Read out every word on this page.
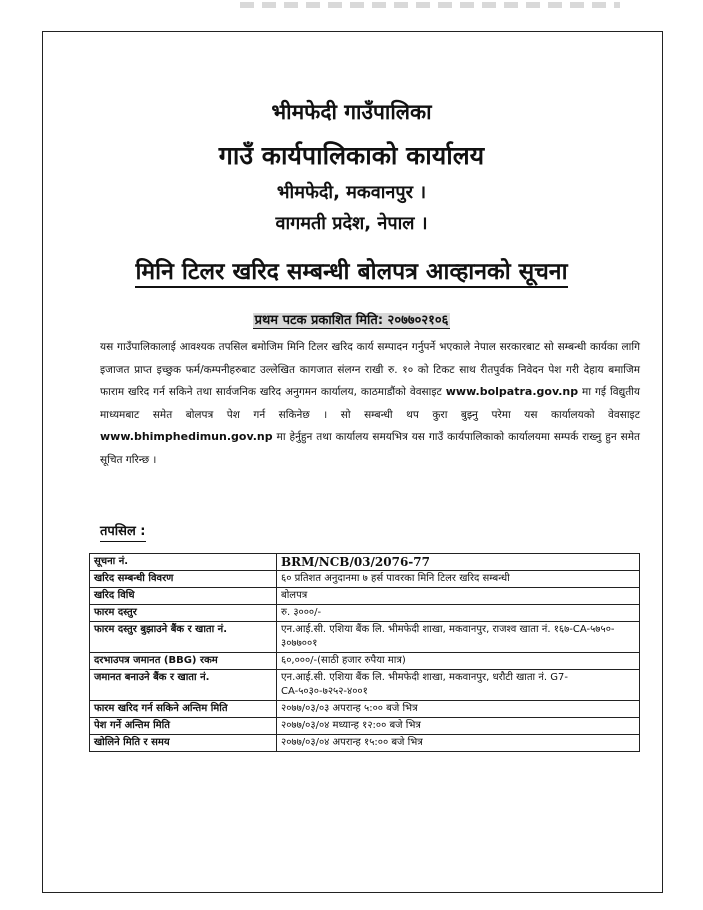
भीमफेदी गाउँपालिका
गाउँ कार्यपालिकाको कार्यालय
भीमफेदी, मकवानपुर ।
वागमती प्रदेश, नेपाल ।
मिनि टिलर खरिद सम्बन्धी बोलपत्र आव्हानको सूचना
प्रथम पटक प्रकाशित मिति: २०७७०२१०६
यस गाउँपालिकालाई आवश्यक तपसिल बमोजिम मिनि टिलर खरिद कार्य सम्पादन गर्नुपर्ने भएकाले नेपाल सरकारबाट सो सम्बन्धी कार्यका लागि इजाजत प्राप्त इच्छुक फर्म/कम्पनीहरुबाट उल्लेखित कागजात संलग्न राखी रु. १० को टिकट साथ रीतपुर्वक निवेदन पेश गरी देहाय बमाजिम फाराम खरिद गर्न सकिने तथा सार्वजनिक खरिद अनुगमन कार्यालय, काठमाडौंको वेवसाइट www.bolpatra.gov.np मा गई विद्युतीय माध्यमबाट समेत बोलपत्र पेश गर्न सकिनेछ । सो सम्बन्धी थप कुरा बुझ्नु परेमा यस कार्यालयको वेवसाइट www.bhimphedimun.gov.np मा हेर्नुहुन तथा कार्यालय समयभित्र यस गाउँ कार्यपालिकाको कार्यालयमा सम्पर्क राख्नु हुन समेत सूचित गरिन्छ ।
तपसिल :
सूचना नं.	BRM/NCB/03/2076-77
खरिद सम्बन्धी विवरण	६० प्रतिशत अनुदानमा ७ हर्स पावरका मिनि टिलर खरिद सम्बन्धी
खरिद विधि	बोलपत्र
फारम दस्तुर	रु. ३०००/-
फारम दस्तुर बुझाउने बैंक र खाता नं.	एन.आई.सी. एशिया बैंक लि. भीमफेदी शाखा, मकवानपुर, राजश्व खाता नं. १६७-CA-५७५०- ३०७७००१
दरभाउपत्र जमानत (BBG) रकम	६०,०००/-(साठी हजार रुपैया मात्र)
जमानत बनाउने बैंक र खाता नं.	एन.आई.सी. एशिया बैंक लि. भीमफेदी शाखा, मकवानपुर, धरौटी खाता नं. G7-CA-५०३०-७२५२-४००१
फारम खरिद गर्न सकिने अन्तिम मिति	२०७७/०३/०३ अपरान्ह ५:०० बजे भित्र
पेश गर्ने अन्तिम मिति	२०७७/०३/०४ मध्यान्ह १२:०० बजे भित्र
खोलिने मिति र समय	२०७७/०३/०४ अपरान्ह १५:०० बजे भित्र
